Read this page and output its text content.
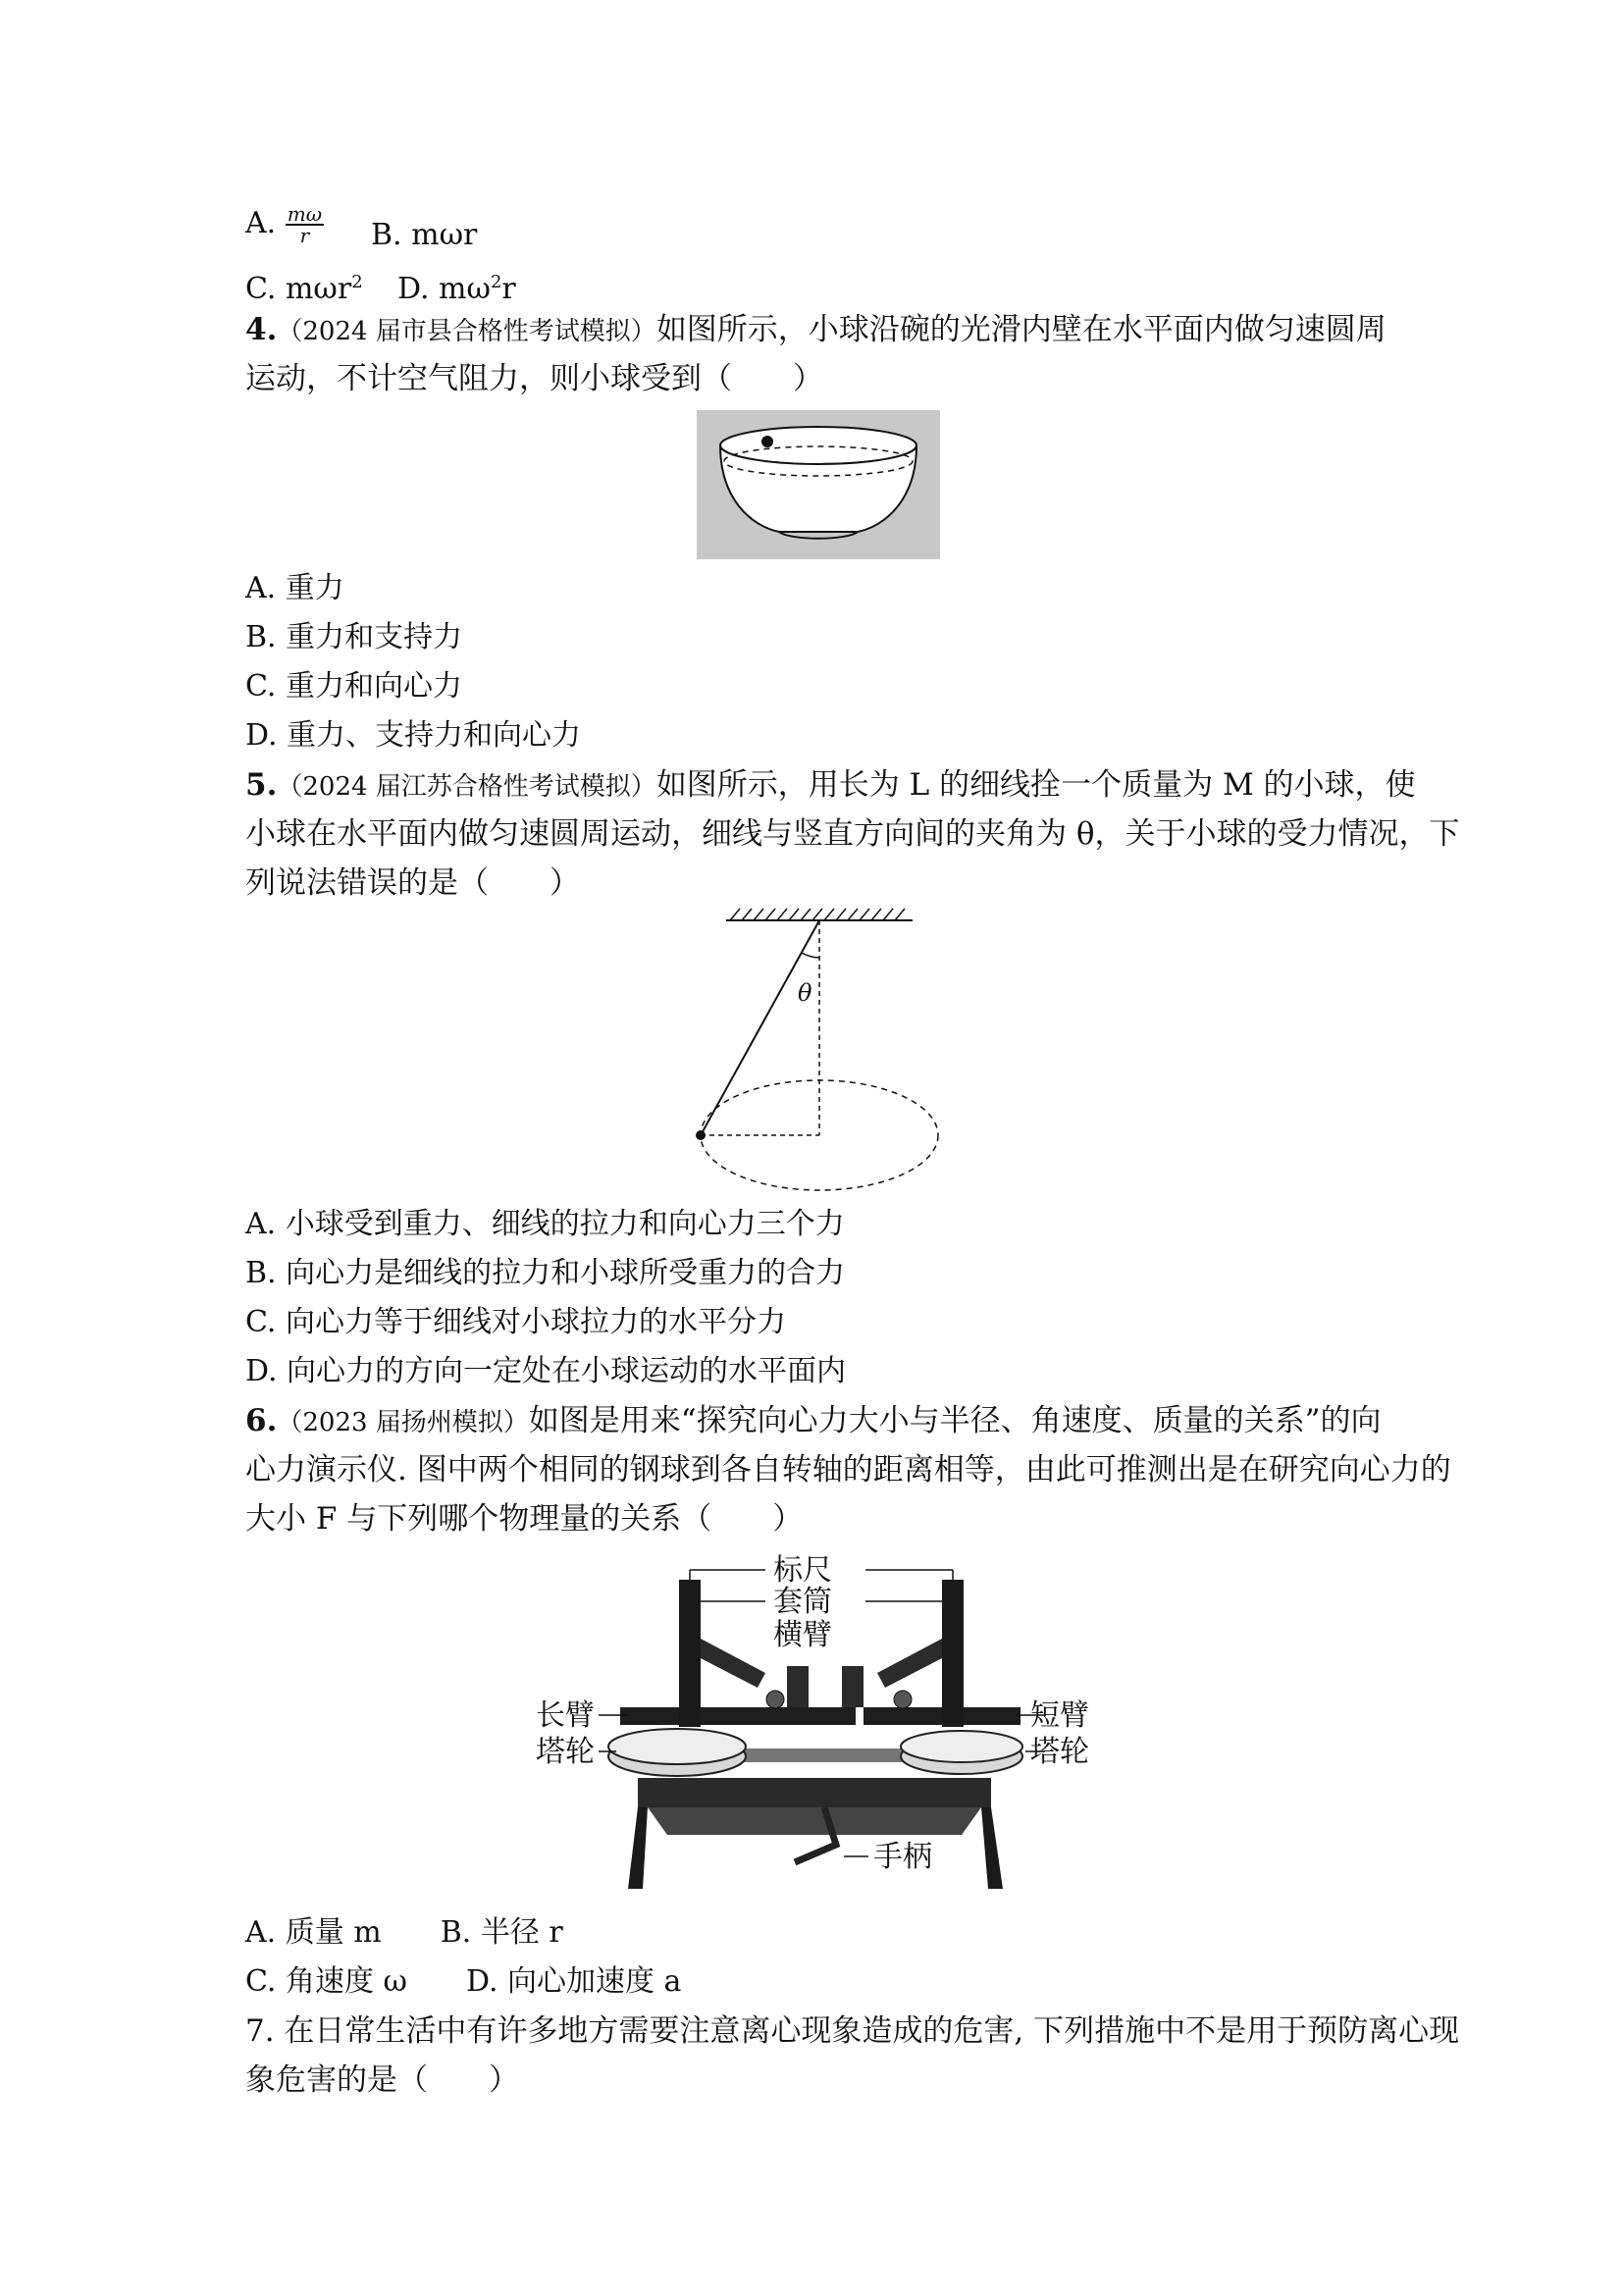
A. $\frac{m\omega}{r} B$. mωr
C. mωr$^2$ D. $m\omega^2r$
4.（2024 届市县合格性考试模拟）如图所示，小球沿碗的光滑内壁在水平面内做匀速圆周
运动，不计空气阻力，则小球受到（　　）
A. 重力
B. 重力和支持力
C. 重力和向心力
D. 重力、支持力和向心力
5.（2024 届江苏合格性考试模拟）如图所示，用长为 L 的细线拴一个质量为 M 的小球，使
小球在水平面内做匀速圆周运动，细线与竖直方向间的夹角为 θ，关于小球的受力情况，下
列说法错误的是（　　）
θ
A. 小球受到重力、细线的拉力和向心力三个力
B. 向心力是细线的拉力和小球所受重力的合力
C. 向心力等于细线对小球拉力的水平分力
D. 向心力的方向一定处在小球运动的水平面内
6.（2023 届扬州模拟）如图是用来“探究向心力大小与半径、角速度、质量的关系”的向
心力演示仪. 图中两个相同的钢球到各自转轴的距离相等，由此可推测出是在研究向心力的
大小 F 与下列哪个物理量的关系（　　）
标尺
套筒
横臂
长臂
塔轮
短臂
塔轮
手柄
A. 质量 m　　B. 半径 r
C. 角速度 ω　　D. 向心加速度 a
7. 在日常生活中有许多地方需要注意离心现象造成的危害, 下列措施中不是用于预防离心现
象危害的是（　　）
